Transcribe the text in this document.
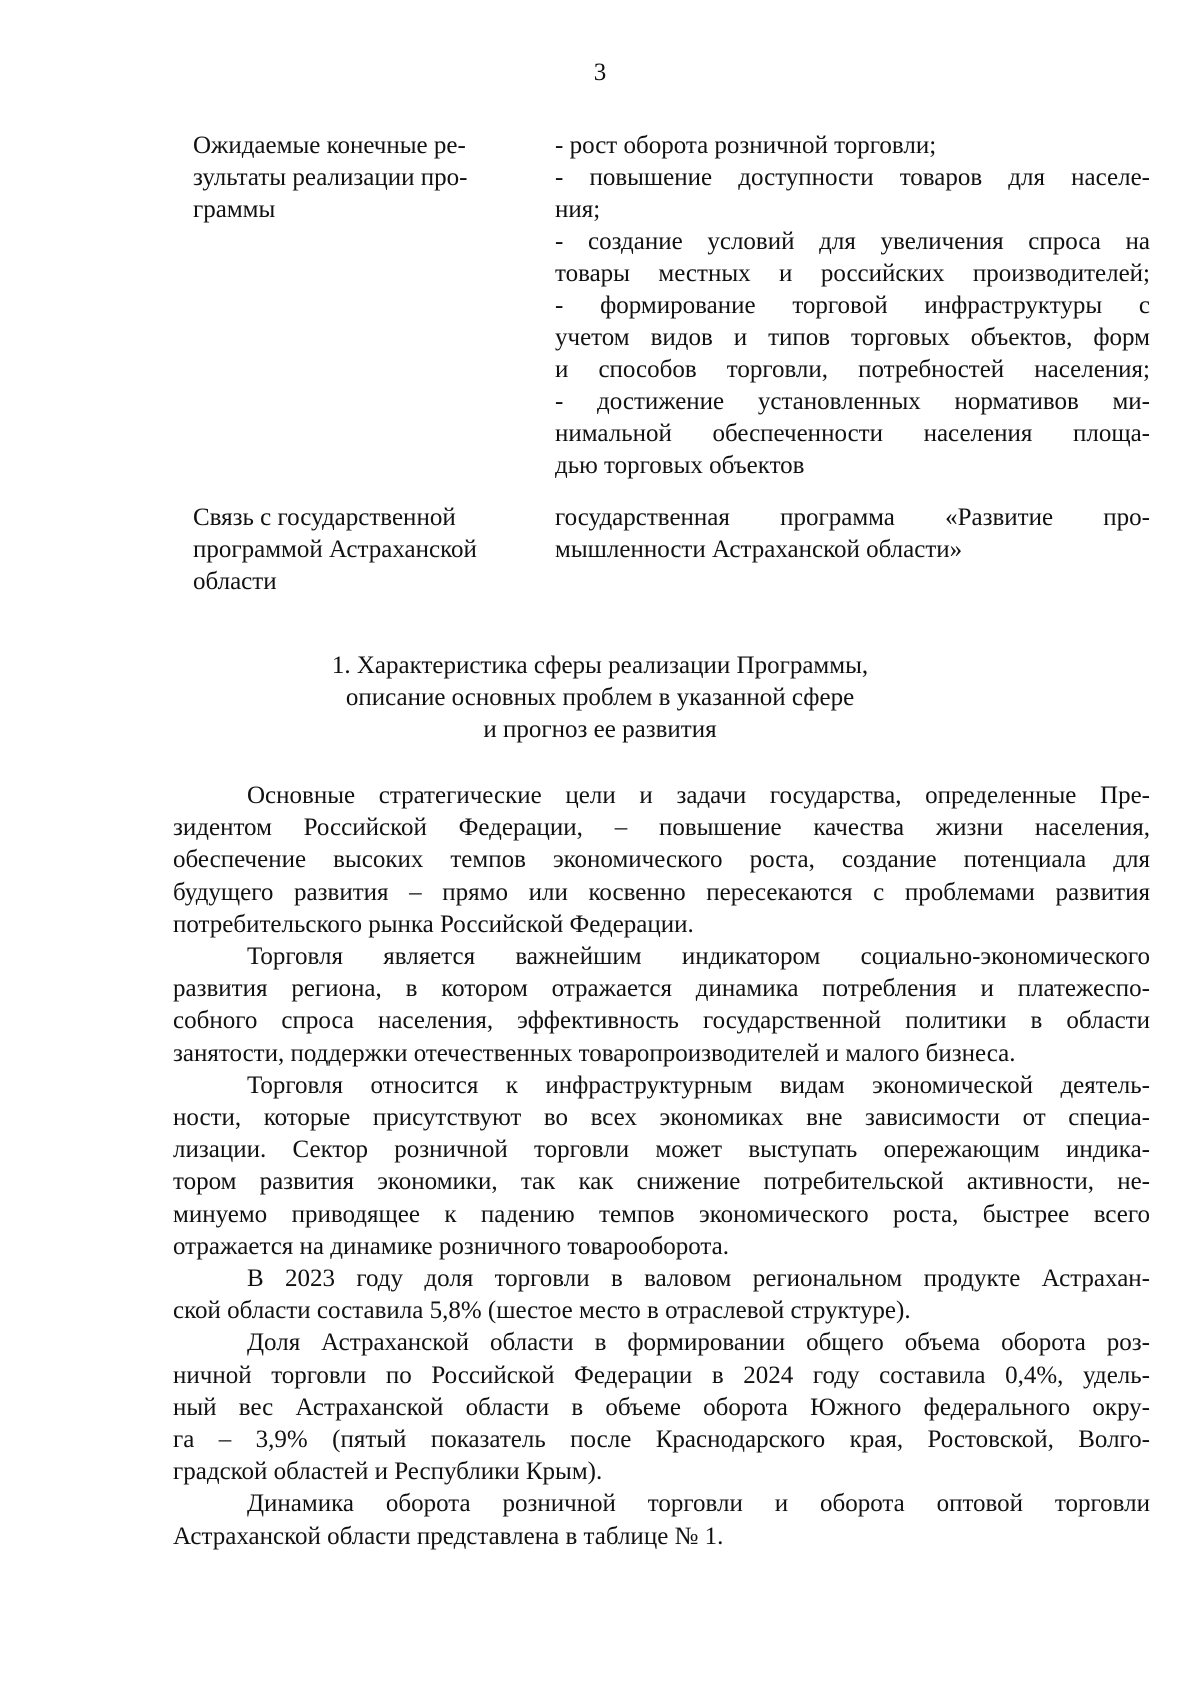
3
Ожидаемые конечные ре-
зультаты реализации про-
граммы
- рост оборота розничной торговли;
- повышение доступности товаров для населе-
ния;
- создание условий для увеличения спроса на
товары местных и российских производителей;
- формирование торговой инфраструктуры с
учетом видов и типов торговых объектов, форм
и способов торговли, потребностей населения;
- достижение установленных нормативов ми-
нимальной обеспеченности населения площа-
дью торговых объектов
Связь с государственной
программой Астраханской
области
государственная программа «Развитие про-
мышленности Астраханской области»
1. Характеристика сферы реализации Программы,
описание основных проблем в указанной сфере
и прогноз ее развития
Основные стратегические цели и задачи государства, определенные Пре-
зидентом Российской Федерации, – повышение качества жизни населения,
обеспечение высоких темпов экономического роста, создание потенциала для
будущего развития – прямо или косвенно пересекаются с проблемами развития
потребительского рынка Российской Федерации.
Торговля является важнейшим индикатором социально-экономического
развития региона, в котором отражается динамика потребления и платежеспо-
собного спроса населения, эффективность государственной политики в области
занятости, поддержки отечественных товаропроизводителей и малого бизнеса.
Торговля относится к инфраструктурным видам экономической деятель-
ности, которые присутствуют во всех экономиках вне зависимости от специа-
лизации. Сектор розничной торговли может выступать опережающим индика-
тором развития экономики, так как снижение потребительской активности, не-
минуемо приводящее к падению темпов экономического роста, быстрее всего
отражается на динамике розничного товарооборота.
В 2023 году доля торговли в валовом региональном продукте Астрахан-
ской области составила 5,8% (шестое место в отраслевой структуре).
Доля Астраханской области в формировании общего объема оборота роз-
ничной торговли по Российской Федерации в 2024 году составила 0,4%, удель-
ный вес Астраханской области в объеме оборота Южного федерального окру-
га – 3,9% (пятый показатель после Краснодарского края, Ростовской, Волго-
градской областей и Республики Крым).
Динамика оборота розничной торговли и оборота оптовой торговли
Астраханской области представлена в таблице № 1.
